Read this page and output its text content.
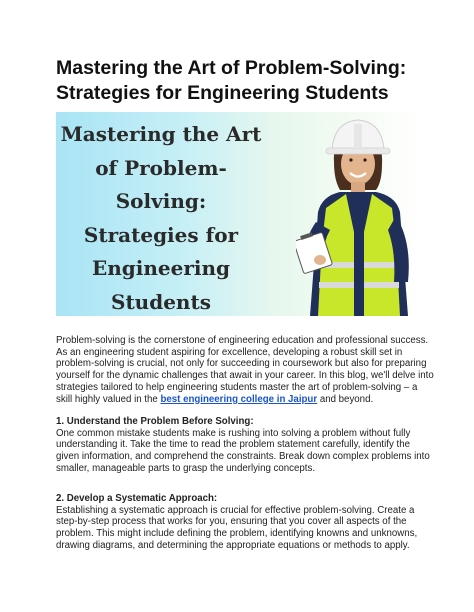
Mastering the Art of Problem-Solving:
Strategies for Engineering Students
Mastering the Art
of Problem-
Solving:
Strategies for
Engineering
Students

Problem-solving is the cornerstone of engineering education and professional success.
As an engineering student aspiring for excellence, developing a robust skill set in
problem-solving is crucial, not only for succeeding in coursework but also for preparing
yourself for the dynamic challenges that await in your career. In this blog, we'll delve into
strategies tailored to help engineering students master the art of problem-solving – a
skill highly valued in the best engineering college in Jaipur and beyond.

1. Understand the Problem Before Solving:
One common mistake students make is rushing into solving a problem without fully
understanding it. Take the time to read the problem statement carefully, identify the
given information, and comprehend the constraints. Break down complex problems into
smaller, manageable parts to grasp the underlying concepts.

2. Develop a Systematic Approach:
Establishing a systematic approach is crucial for effective problem-solving. Create a
step-by-step process that works for you, ensuring that you cover all aspects of the
problem. This might include defining the problem, identifying knowns and unknowns,
drawing diagrams, and determining the appropriate equations or methods to apply.
